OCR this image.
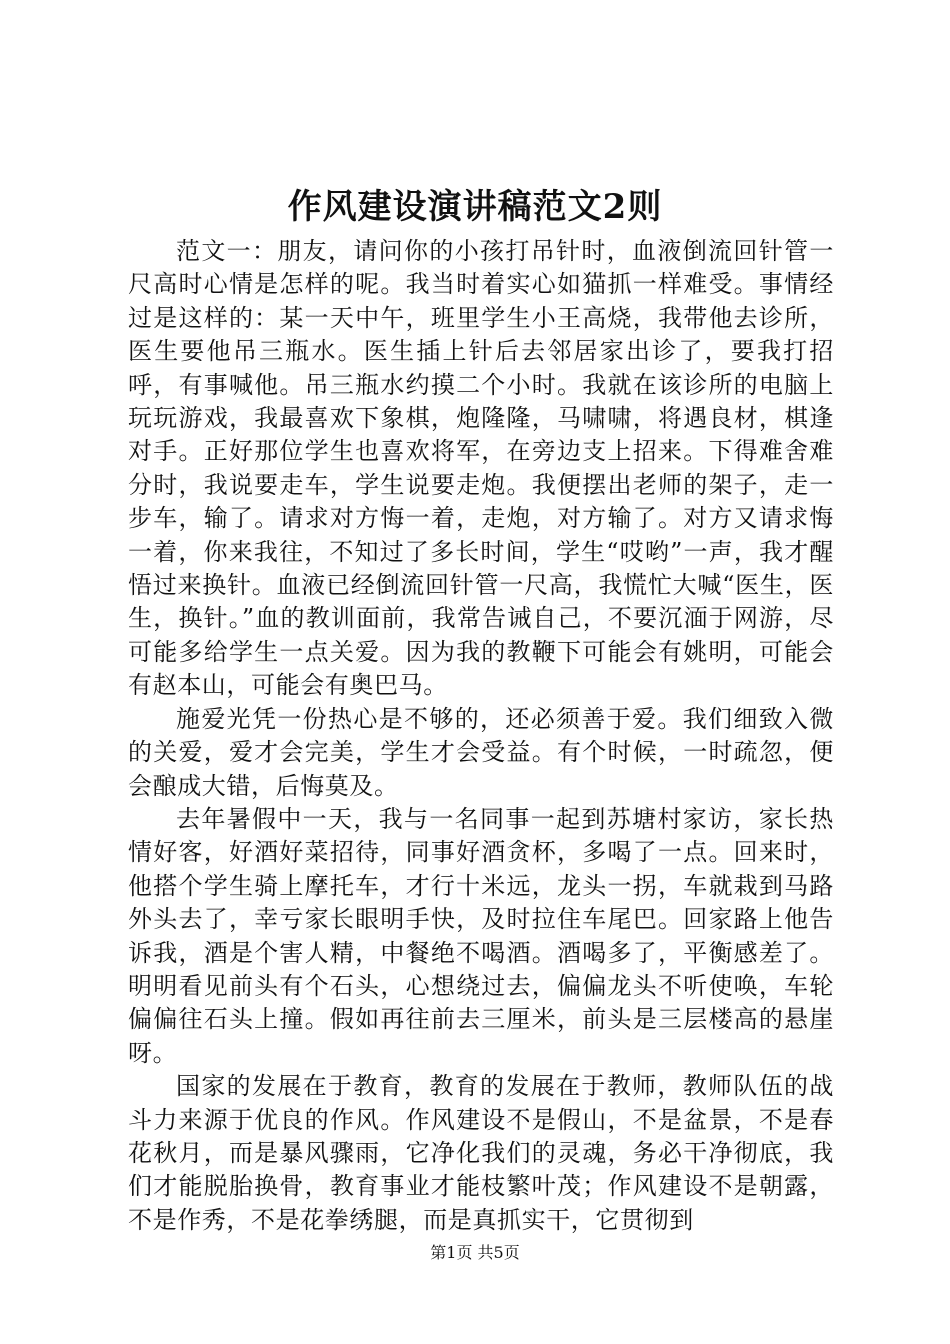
作风建设演讲稿范文2则

范文一：朋友，请问你的小孩打吊针时，血液倒流回针管一尺高时心情是怎样的呢。我当时着实心如猫抓一样难受。事情经过是这样的：某一天中午，班里学生小王高烧，我带他去诊所，医生要他吊三瓶水。医生插上针后去邻居家出诊了，要我打招呼，有事喊他。吊三瓶水约摸二个小时。我就在该诊所的电脑上玩玩游戏，我最喜欢下象棋，炮隆隆，马啸啸，将遇良材，棋逢对手。正好那位学生也喜欢将军，在旁边支上招来。下得难舍难分时，我说要走车，学生说要走炮。我便摆出老师的架子，走一步车，输了。请求对方悔一着，走炮，对方输了。对方又请求悔一着，你来我往，不知过了多长时间，学生“哎哟”一声，我才醒悟过来换针。血液已经倒流回针管一尺高，我慌忙大喊“医生，医生，换针。”血的教训面前，我常告诫自己，不要沉湎于网游，尽可能多给学生一点关爱。因为我的教鞭下可能会有姚明，可能会有赵本山，可能会有奥巴马。

施爱光凭一份热心是不够的，还必须善于爱。我们细致入微的关爱，爱才会完美，学生才会受益。有个时候，一时疏忽，便会酿成大错，后悔莫及。

去年暑假中一天，我与一名同事一起到苏塘村家访，家长热情好客，好酒好菜招待，同事好酒贪杯，多喝了一点。回来时，他搭个学生骑上摩托车，才行十米远，龙头一拐，车就栽到马路外头去了，幸亏家长眼明手快，及时拉住车尾巴。回家路上他告诉我，酒是个害人精，中餐绝不喝酒。酒喝多了，平衡感差了。明明看见前头有个石头，心想绕过去，偏偏龙头不听使唤，车轮偏偏往石头上撞。假如再往前去三厘米，前头是三层楼高的悬崖呀。

国家的发展在于教育，教育的发展在于教师，教师队伍的战斗力来源于优良的作风。作风建设不是假山，不是盆景，不是春花秋月，而是暴风骤雨，它净化我们的灵魂，务必干净彻底，我们才能脱胎换骨，教育事业才能枝繁叶茂；作风建设不是朝露，不是作秀，不是花拳绣腿，而是真抓实干，它贯彻到

第1页 共5页
